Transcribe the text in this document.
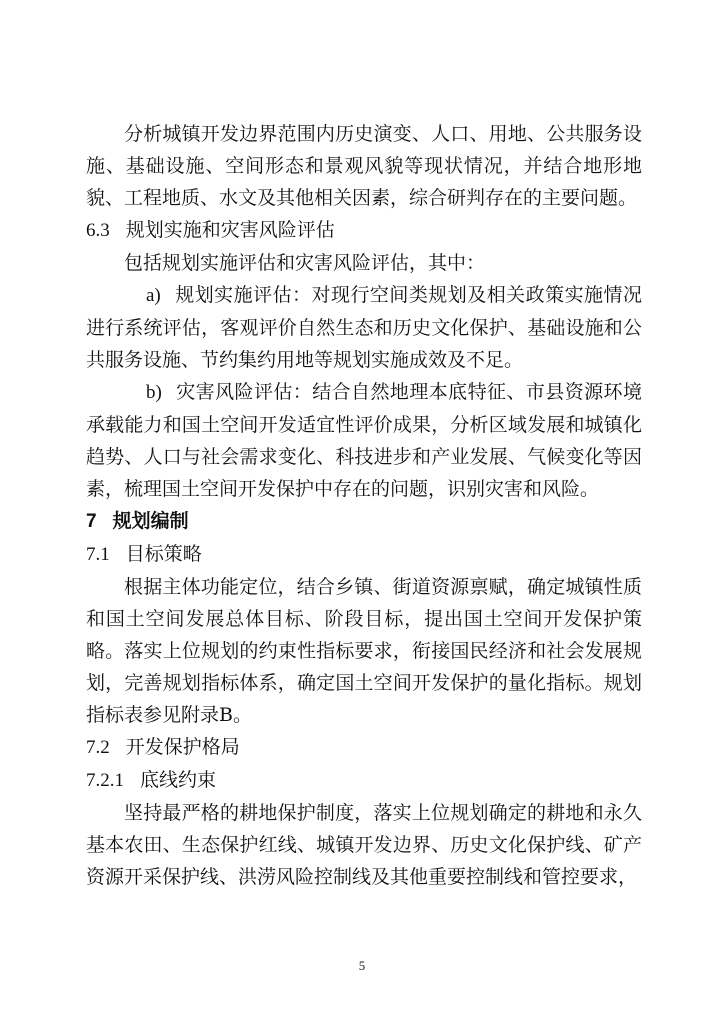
分析城镇开发边界范围内历史演变、人口、用地、公共服务设施、基础设施、空间形态和景观风貌等现状情况，并结合地形地貌、工程地质、水文及其他相关因素，综合研判存在的主要问题。

6.3 规划实施和灾害风险评估

包括规划实施评估和灾害风险评估，其中：

a) 规划实施评估：对现行空间类规划及相关政策实施情况进行系统评估，客观评价自然生态和历史文化保护、基础设施和公共服务设施、节约集约用地等规划实施成效及不足。

b) 灾害风险评估：结合自然地理本底特征、市县资源环境承载能力和国土空间开发适宜性评价成果，分析区域发展和城镇化趋势、人口与社会需求变化、科技进步和产业发展、气候变化等因素，梳理国土空间开发保护中存在的问题，识别灾害和风险。

7 规划编制

7.1 目标策略

根据主体功能定位，结合乡镇、街道资源禀赋，确定城镇性质和国土空间发展总体目标、阶段目标，提出国土空间开发保护策略。落实上位规划的约束性指标要求，衔接国民经济和社会发展规划，完善规划指标体系，确定国土空间开发保护的量化指标。规划指标表参见附录B。

7.2 开发保护格局

7.2.1 底线约束

坚持最严格的耕地保护制度，落实上位规划确定的耕地和永久基本农田、生态保护红线、城镇开发边界、历史文化保护线、矿产资源开采保护线、洪涝风险控制线及其他重要控制线和管控要求，

5
